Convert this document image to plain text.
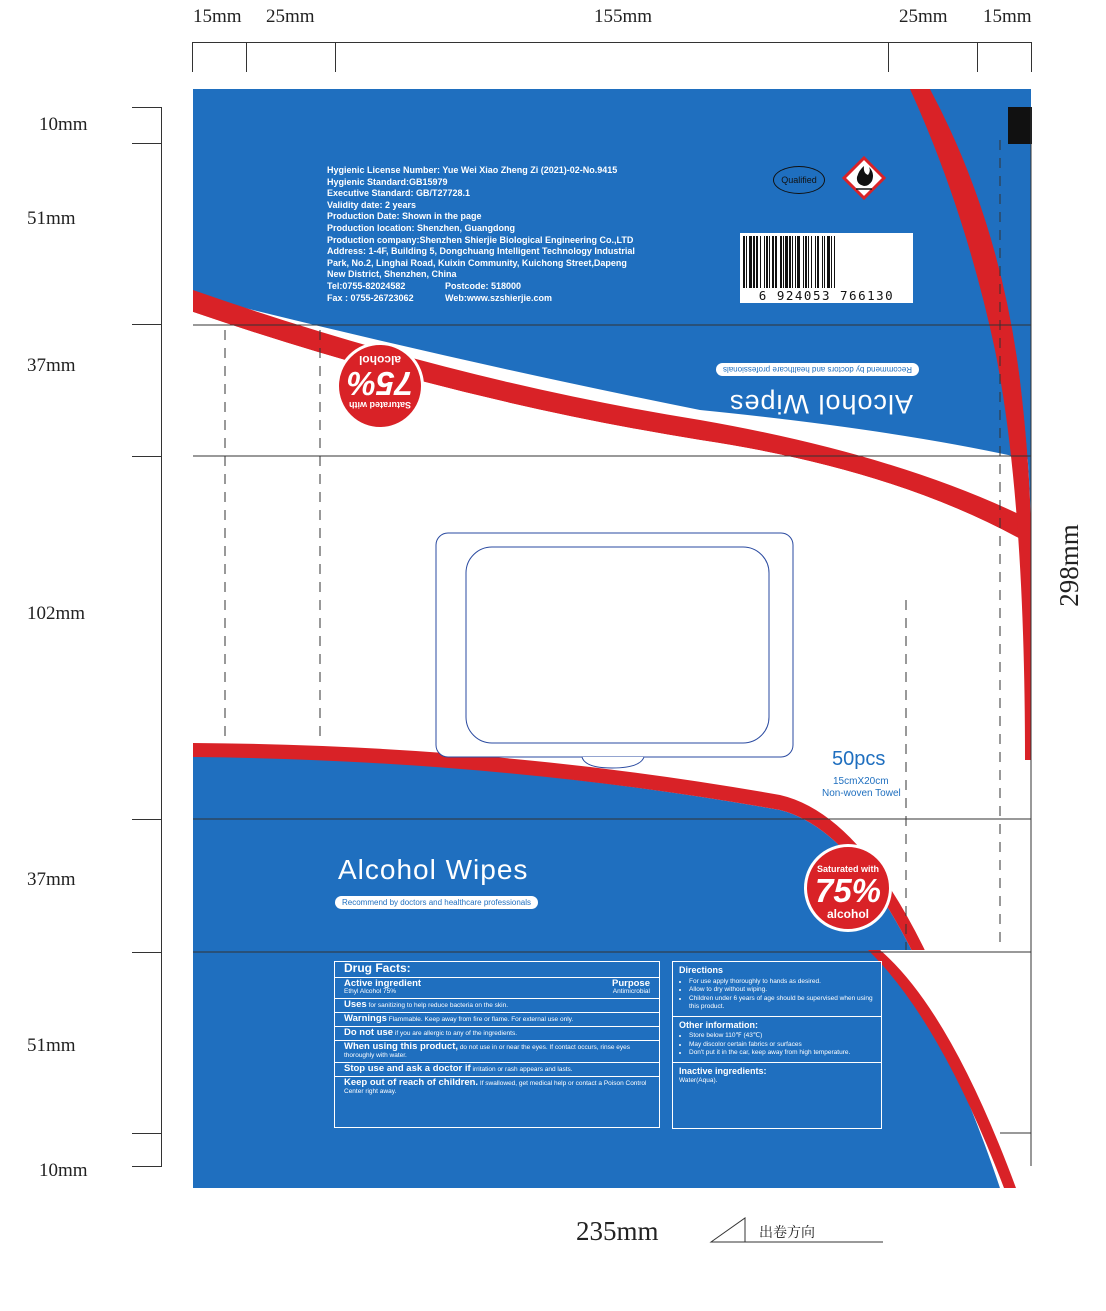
15mm 25mm	155mm	25mm 15mm
10mm
51mm
37mm
102mm
37mm
51mm
10mm
298mm
235mm	出卷方向
Hygienic License Number: Yue Wei Xiao Zheng Zi (2021)-02-No.9415
Hygienic Standard:GB15979
Executive Standard: GB/T27728.1
Validity date: 2 years
Production Date: Shown in the page
Production location: Shenzhen, Guangdong
Production company:Shenzhen Shierjie Biological Engineering Co.,LTD
Address: 1-4F, Building 5, Dongchuang Intelligent Technology Industrial
Park, No.2, Linghai Road, Kuixin Community, Kuichong Street,Dapeng
New District, Shenzhen, China
Tel:0755-82024582	Postcode: 518000
Fax : 0755-26723062	Web:www.szshierjie.com
Qualified
6 924053 766130
Alcohol Wipes
Recommend by doctors and healthcare professionals
Saturated with
75%
alcohol
50pcs
15cmX20cm
Non-woven Towel
Alcohol Wipes
Recommend by doctors and healthcare professionals
Saturated with
75%
alcohol
Drug Facts:
Active ingredient	Purpose
Ethyl Alcohol 75%	Antimicrobial
Uses for sanitizing to help reduce bacteria on the skin.
Warnings Flammable. Keep away from fire or flame. For external use only.
Do not use if you are allergic to any of the ingredients.
When using this product, do not use in or near the eyes. If contact occurs, rinse eyes thoroughly with water.
Stop use and ask a doctor if irritation or rash appears and lasts.
Keep out of reach of children. If swallowed, get medical help or contact a Poison Control Center right away.
Directions
• For use apply thoroughly to hands as desired.
• Allow to dry without wiping.
• Children under 6 years of age should be supervised when using this product.
Other information:
• Store below 110℉ (43℃)
• May discolor certain fabrics or surfaces
• Don't put it in the car, keep away from high temperature.
Inactive ingredients:
Water(Aqua).
